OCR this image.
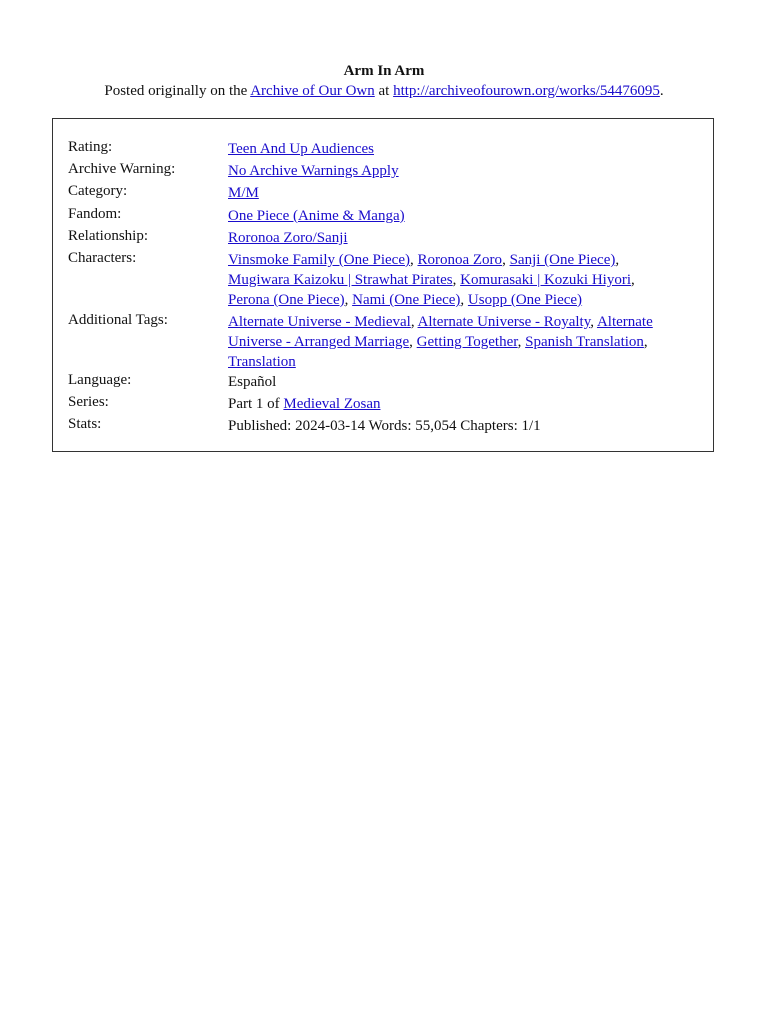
Arm In Arm
Posted originally on the Archive of Our Own at http://archiveofourown.org/works/54476095.
Rating:	Teen And Up Audiences
Archive Warning:	No Archive Warnings Apply
Category:	M/M
Fandom:	One Piece (Anime & Manga)
Relationship:	Roronoa Zoro/Sanji
Characters:	Vinsmoke Family (One Piece), Roronoa Zoro, Sanji (One Piece),
Mugiwara Kaizoku | Strawhat Pirates, Komurasaki | Kozuki Hiyori,
Perona (One Piece), Nami (One Piece), Usopp (One Piece)
Additional Tags:	Alternate Universe - Medieval, Alternate Universe - Royalty, Alternate Universe - Arranged Marriage, Getting Together, Spanish Translation,
Translation
Language:	Español
Series:	Part 1 of Medieval Zosan
Stats:	Published: 2024-03-14 Words: 55,054 Chapters: 1/1
